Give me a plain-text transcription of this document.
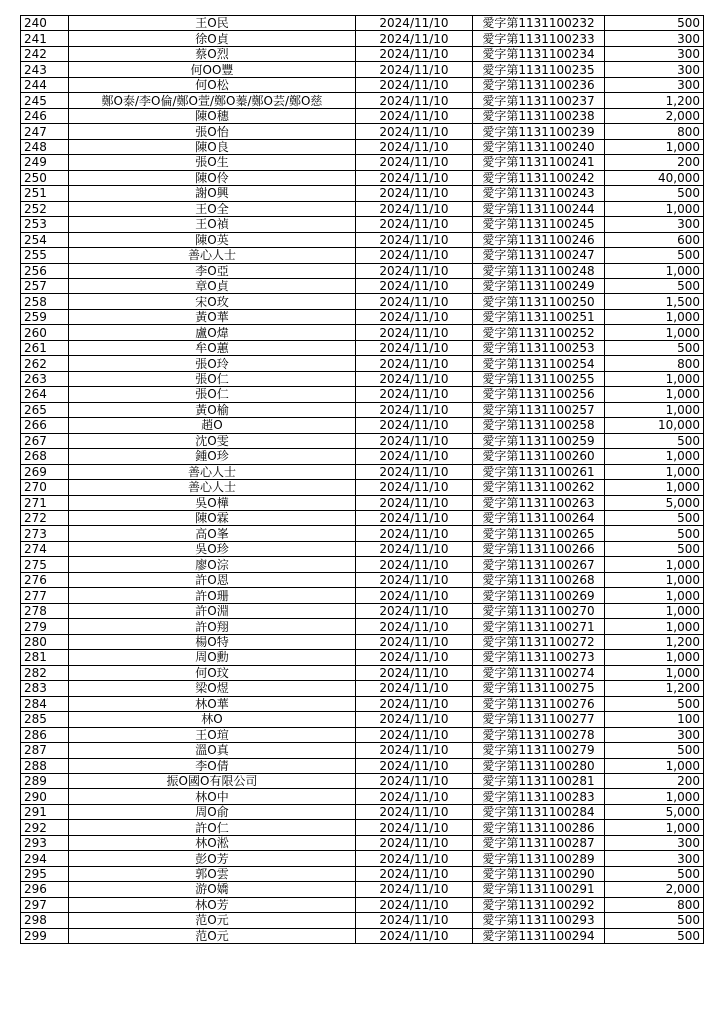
240	王O民	2024/11/10	愛字第1131100232	500
241	徐O貞	2024/11/10	愛字第1131100233	300
242	蔡O烈	2024/11/10	愛字第1131100234	300
243	何OO豐	2024/11/10	愛字第1131100235	300
244	何O松	2024/11/10	愛字第1131100236	300
245	鄭O泰/李O倫/鄭O萱/鄭O蓁/鄭O芸/鄭O慈	2024/11/10	愛字第1131100237	1,200
246	陳O穗	2024/11/10	愛字第1131100238	2,000
247	張O怡	2024/11/10	愛字第1131100239	800
248	陳O良	2024/11/10	愛字第1131100240	1,000
249	張O生	2024/11/10	愛字第1131100241	200
250	陳O伶	2024/11/10	愛字第1131100242	40,000
251	謝O興	2024/11/10	愛字第1131100243	500
252	王O全	2024/11/10	愛字第1131100244	1,000
253	王O禎	2024/11/10	愛字第1131100245	300
254	陳O英	2024/11/10	愛字第1131100246	600
255	善心人士	2024/11/10	愛字第1131100247	500
256	李O亞	2024/11/10	愛字第1131100248	1,000
257	章O貞	2024/11/10	愛字第1131100249	500
258	宋O玫	2024/11/10	愛字第1131100250	1,500
259	黃O華	2024/11/10	愛字第1131100251	1,000
260	盧O煒	2024/11/10	愛字第1131100252	1,000
261	牟O蕙	2024/11/10	愛字第1131100253	500
262	張O玲	2024/11/10	愛字第1131100254	800
263	張O仁	2024/11/10	愛字第1131100255	1,000
264	張O仁	2024/11/10	愛字第1131100256	1,000
265	黃O榆	2024/11/10	愛字第1131100257	1,000
266	趙O	2024/11/10	愛字第1131100258	10,000
267	沈O雯	2024/11/10	愛字第1131100259	500
268	鍾O珍	2024/11/10	愛字第1131100260	1,000
269	善心人士	2024/11/10	愛字第1131100261	1,000
270	善心人士	2024/11/10	愛字第1131100262	1,000
271	吳O樺	2024/11/10	愛字第1131100263	5,000
272	陳O霖	2024/11/10	愛字第1131100264	500
273	高O峯	2024/11/10	愛字第1131100265	500
274	吳O珍	2024/11/10	愛字第1131100266	500
275	廖O淙	2024/11/10	愛字第1131100267	1,000
276	許O恩	2024/11/10	愛字第1131100268	1,000
277	許O珊	2024/11/10	愛字第1131100269	1,000
278	許O淵	2024/11/10	愛字第1131100270	1,000
279	許O翔	2024/11/10	愛字第1131100271	1,000
280	楊O特	2024/11/10	愛字第1131100272	1,200
281	周O勳	2024/11/10	愛字第1131100273	1,000
282	何O玟	2024/11/10	愛字第1131100274	1,000
283	梁O煜	2024/11/10	愛字第1131100275	1,200
284	林O華	2024/11/10	愛字第1131100276	500
285	林O	2024/11/10	愛字第1131100277	100
286	王O瑄	2024/11/10	愛字第1131100278	300
287	溫O真	2024/11/10	愛字第1131100279	500
288	李O倩	2024/11/10	愛字第1131100280	1,000
289	振O國O有限公司	2024/11/10	愛字第1131100281	200
290	林O中	2024/11/10	愛字第1131100283	1,000
291	周O俞	2024/11/10	愛字第1131100284	5,000
292	許O仁	2024/11/10	愛字第1131100286	1,000
293	林O淞	2024/11/10	愛字第1131100287	300
294	彭O芳	2024/11/10	愛字第1131100289	300
295	郭O雲	2024/11/10	愛字第1131100290	500
296	游O嬌	2024/11/10	愛字第1131100291	2,000
297	林O芳	2024/11/10	愛字第1131100292	800
298	范O元	2024/11/10	愛字第1131100293	500
299	范O元	2024/11/10	愛字第1131100294	500
